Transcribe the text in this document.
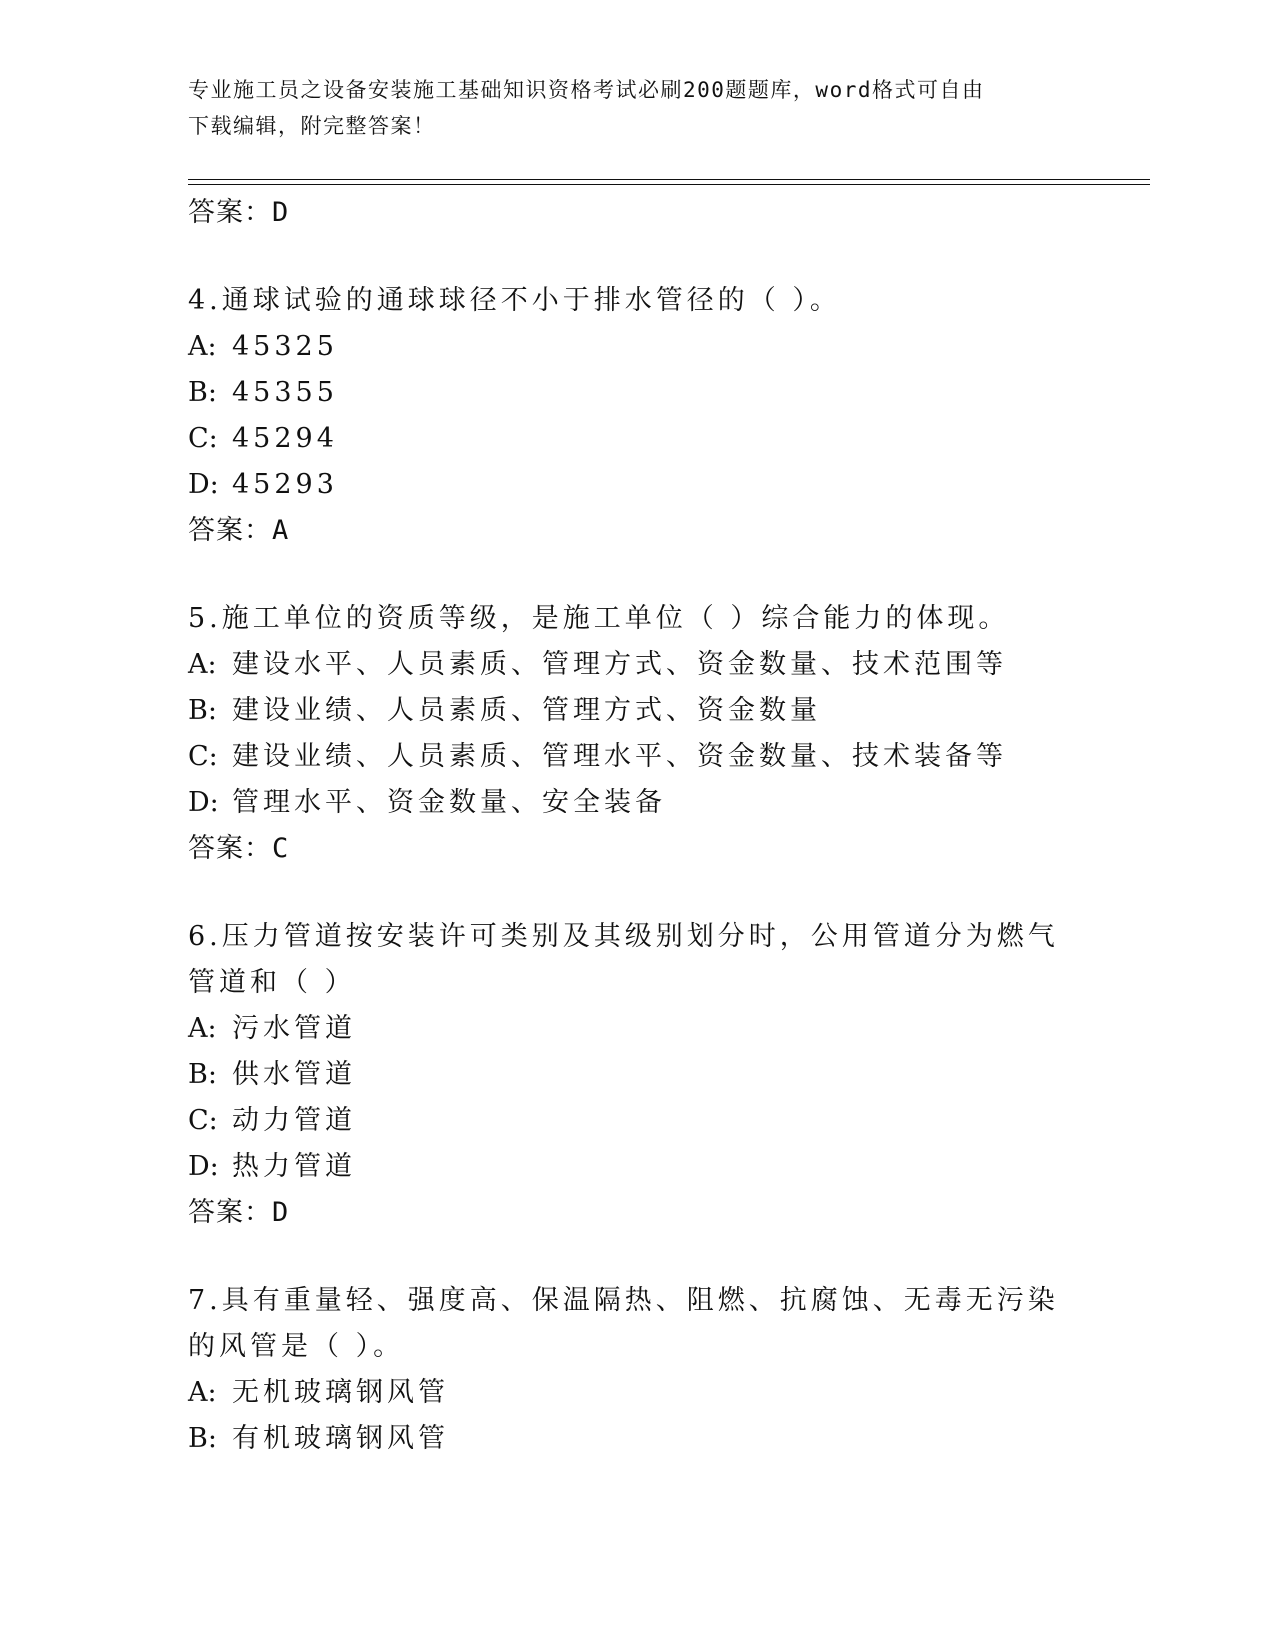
专业施工员之设备安装施工基础知识资格考试必刷200题题库，word格式可自由
下载编辑，附完整答案！
答案：D
4.通球试验的通球球径不小于排水管径的（ ）。
A: 45325
B: 45355
C: 45294
D: 45293
答案：A
5.施工单位的资质等级，是施工单位（ ）综合能力的体现。
A: 建设水平、人员素质、管理方式、资金数量、技术范围等
B: 建设业绩、人员素质、管理方式、资金数量
C: 建设业绩、人员素质、管理水平、资金数量、技术装备等
D: 管理水平、资金数量、安全装备
答案：C
6.压力管道按安装许可类别及其级别划分时，公用管道分为燃气管道和（ ）
A: 污水管道
B: 供水管道
C: 动力管道
D: 热力管道
答案：D
7.具有重量轻、强度高、保温隔热、阻燃、抗腐蚀、无毒无污染的风管是（ ）。
A: 无机玻璃钢风管
B: 有机玻璃钢风管
